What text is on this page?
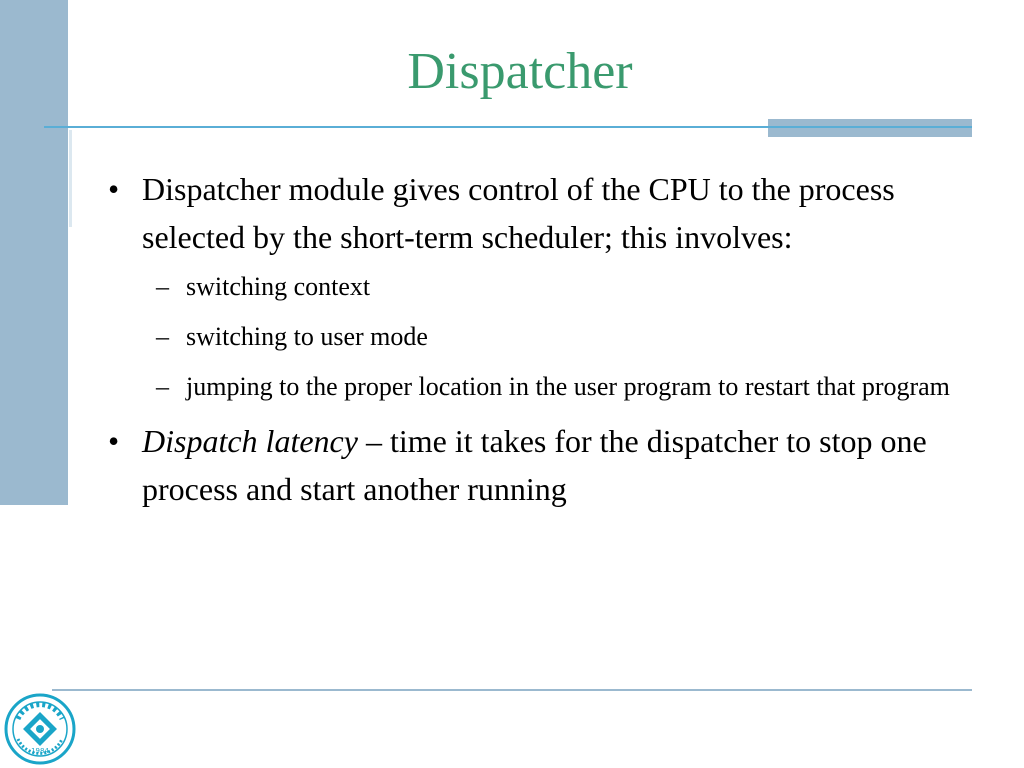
Dispatcher
• Dispatcher module gives control of the CPU to the process selected by the short-term scheduler; this involves:
– switching context
– switching to user mode
– jumping to the proper location in the user program to restart that program
• Dispatch latency – time it takes for the dispatcher to stop one process and start another running
1984
